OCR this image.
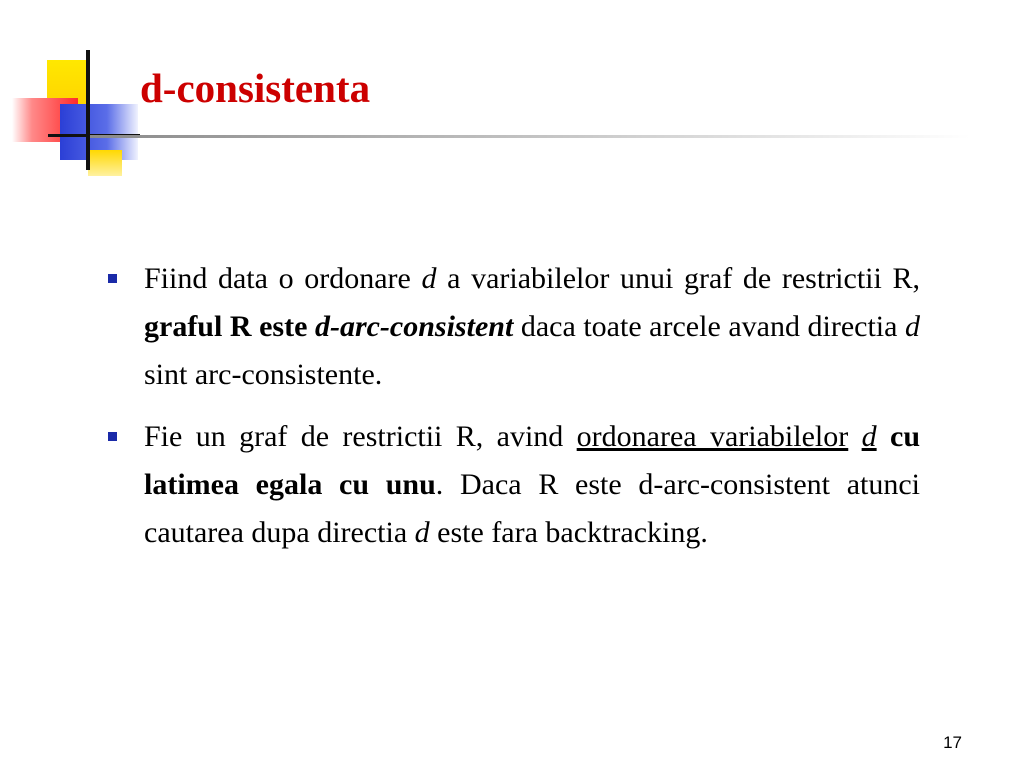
d-consistenta
Fiind data o ordonare d a variabilelor unui graf de restrictii R, graful R este d-arc-consistent daca toate arcele avand directia d sint arc-consistente.
Fie un graf de restrictii R, avind ordonarea variabilelor d cu latimea egala cu unu. Daca R este d-arc-consistent atunci cautarea dupa directia d este fara backtracking.
17
